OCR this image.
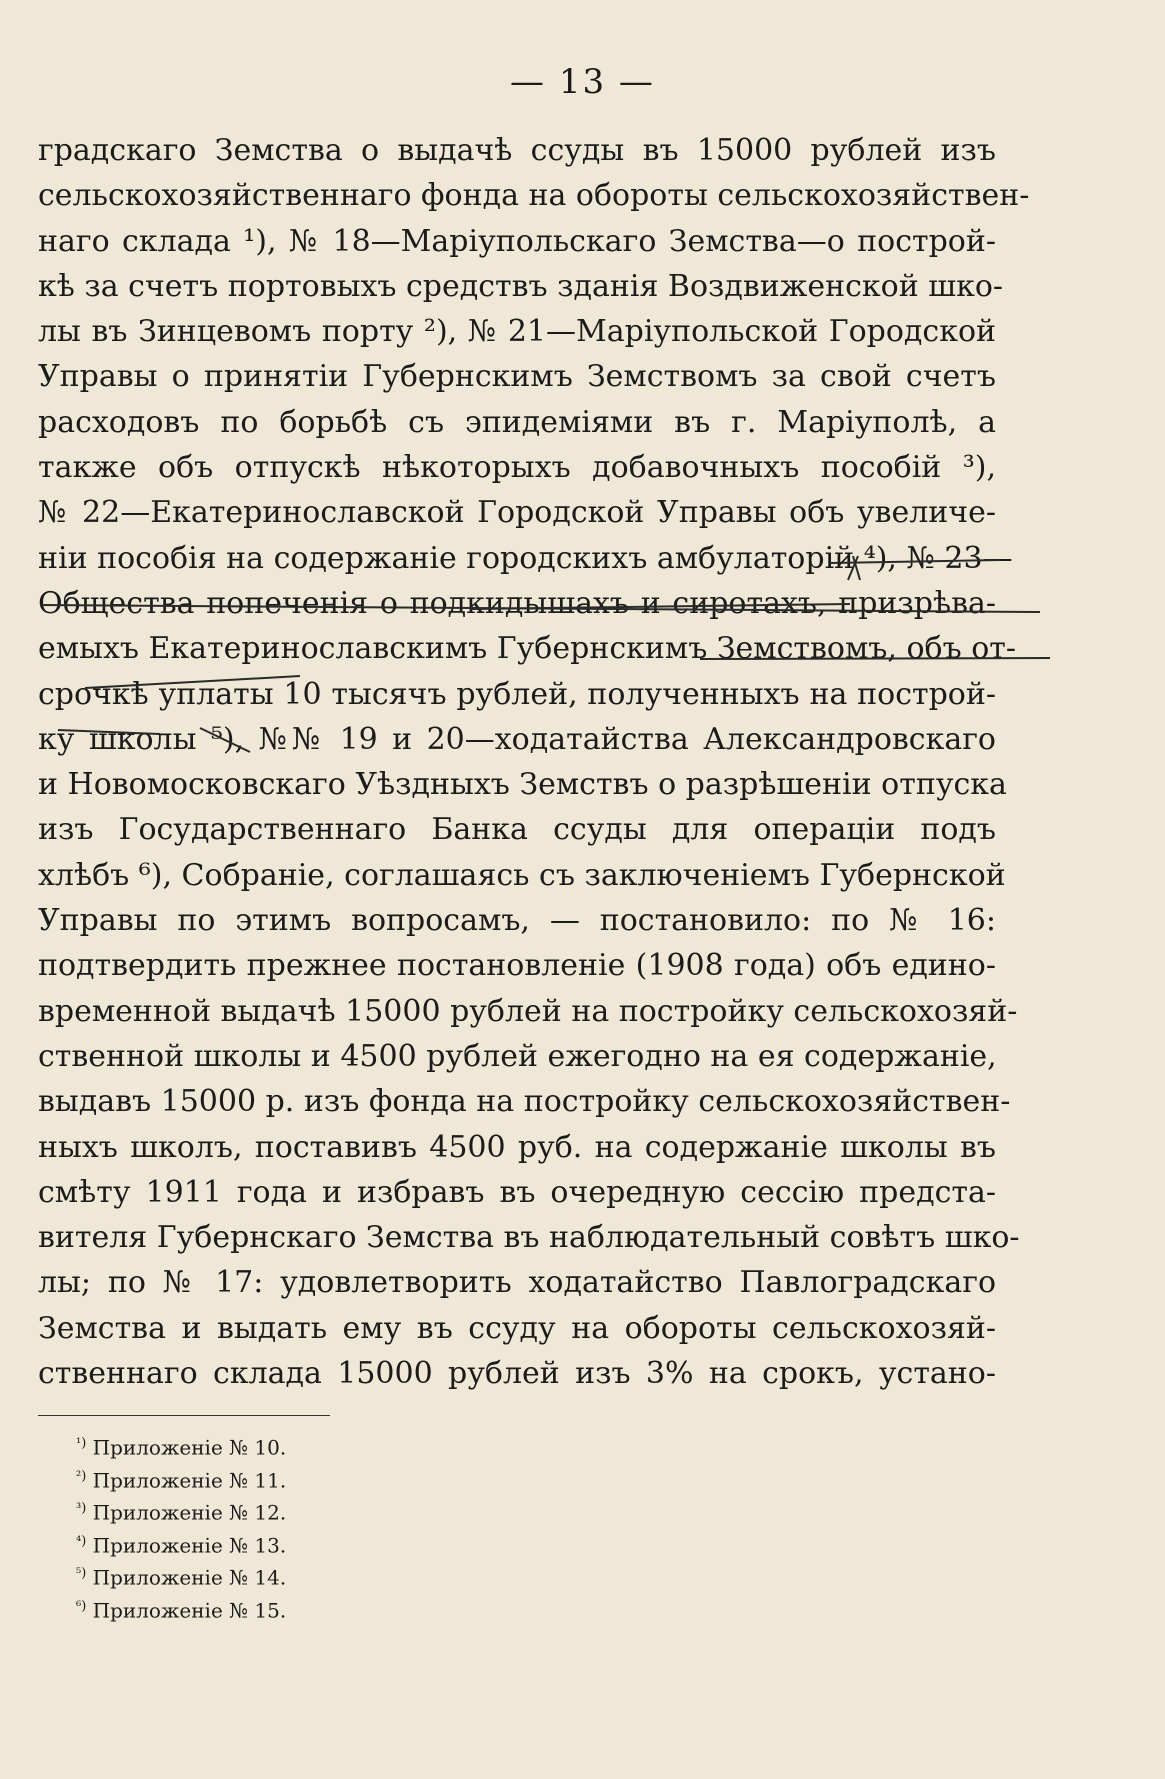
— 13 —
градскаго Земства о выдачѣ ссуды въ 15000 рублей изъ
сельскохозяйственнаго фонда на обороты сельскохозяйствен-
наго склада ¹), № 18—Маріупольскаго Земства—о построй-
кѣ за счетъ портовыхъ средствъ зданія Воздвиженской шко-
лы въ Зинцевомъ порту ²), № 21—Маріупольской Городской
Управы о принятіи Губернскимъ Земствомъ за свой счетъ
расходовъ по борьбѣ съ эпидеміями въ г. Маріуполѣ, а
также объ отпускѣ нѣкоторыхъ добавочныхъ пособій ³),
№ 22—Екатеринославской Городской Управы объ увеличе-
ніи пособія на содержаніе городскихъ амбулаторій ⁴), № 23—
Общества попеченія о подкидышахъ и сиротахъ, призрѣва-
емыхъ Екатеринославскимъ Губернскимъ Земствомъ, объ от-
срочкѣ уплаты 10 тысячъ рублей, полученныхъ на построй-
ку школы ⁵), №№ 19 и 20—ходатайства Александровскаго
и Новомосковскаго Уѣздныхъ Земствъ о разрѣшеніи отпуска
изъ Государственнаго Банка ссуды для операціи подъ
хлѣбъ ⁶), Собраніе, соглашаясь съ заключеніемъ Губернской
Управы по этимъ вопросамъ, — постановило: по № 16:
подтвердить прежнее постановленіе (1908 года) объ едино-
временной выдачѣ 15000 рублей на постройку сельскохозяй-
ственной школы и 4500 рублей ежегодно на ея содержаніе,
выдавъ 15000 р. изъ фонда на постройку сельскохозяйствен-
ныхъ школъ, поставивъ 4500 руб. на содержаніе школы въ
смѣту 1911 года и избравъ въ очередную сессію предста-
вителя Губернскаго Земства въ наблюдательный совѣтъ шко-
лы; по № 17: удовлетворить ходатайство Павлоградскаго
Земства и выдать ему въ ссуду на обороты сельскохозяй-
ственнаго склада 15000 рублей изъ 3% на срокъ, устано-
$^{^1)}$ Приложеніе № 10.
$^{^2)}$ Приложеніе № 11.
$^{^3)}$ Приложеніе № 12.
$^{^4)}$ Приложеніе № 13.
$^{^5)}$ Приложеніе № 14.
$^{^6)}$ Приложеніе № 15.
